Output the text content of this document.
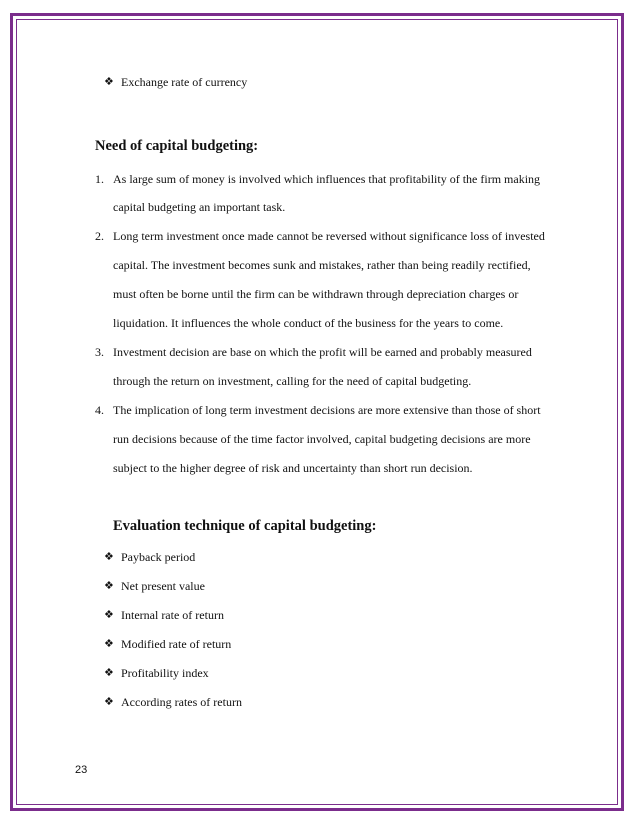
❖ Exchange rate of currency
Need of capital budgeting:
1. As large sum of money is involved which influences that profitability of the firm making
capital budgeting an important task.
2. Long term investment once made cannot be reversed without significance loss of invested
capital. The investment becomes sunk and mistakes, rather than being readily rectified,
must often be borne until the firm can be withdrawn through depreciation charges or
liquidation. It influences the whole conduct of the business for the years to come.
3. Investment decision are base on which the profit will be earned and probably measured
through the return on investment, calling for the need of capital budgeting.
4. The implication of long term investment decisions are more extensive than those of short
run decisions because of the time factor involved, capital budgeting decisions are more
subject to the higher degree of risk and uncertainty than short run decision.
Evaluation technique of capital budgeting:
❖ Payback period
❖ Net present value
❖ Internal rate of return
❖ Modified rate of return
❖ Profitability index
❖ According rates of return
23
